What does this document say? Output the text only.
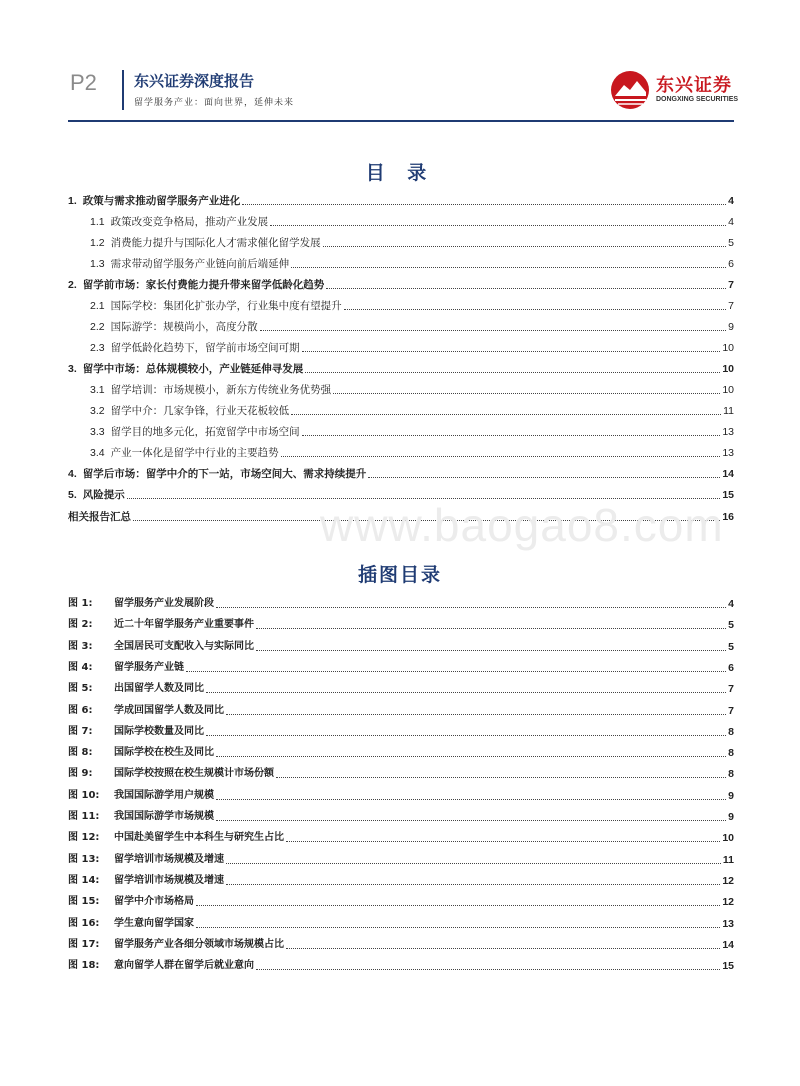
P2 东兴证券深度报告
留学服务产业：面向世界，延伸未来
东兴证券
DONGXING SECURITIES
目 录
1. 政策与需求推动留学服务产业进化	4
1.1 政策改变竞争格局，推动产业发展	4
1.2 消费能力提升与国际化人才需求催化留学发展	5
1.3 需求带动留学服务产业链向前后端延伸	6
2. 留学前市场：家长付费能力提升带来留学低龄化趋势	7
2.1 国际学校：集团化扩张办学，行业集中度有望提升	7
2.2 国际游学：规模尚小，高度分散	9
2.3 留学低龄化趋势下，留学前市场空间可期	10
3. 留学中市场：总体规模较小，产业链延伸寻发展	10
3.1 留学培训：市场规模小，新东方传统业务优势强	10
3.2 留学中介：几家争锋，行业天花板较低	11
3.3 留学目的地多元化，拓宽留学中市场空间	13
3.4 产业一体化是留学中行业的主要趋势	13
4. 留学后市场：留学中介的下一站，市场空间大、需求持续提升	14
5. 风险提示	15
相关报告汇总	16
www.baogao8.com
插图目录
图 1: 留学服务产业发展阶段	4
图 2: 近二十年留学服务产业重要事件	5
图 3: 全国居民可支配收入与实际同比	5
图 4: 留学服务产业链	6
图 5: 出国留学人数及同比	7
图 6: 学成回国留学人数及同比	7
图 7: 国际学校数量及同比	8
图 8: 国际学校在校生及同比	8
图 9: 国际学校按照在校生规模计市场份额	8
图 10: 我国国际游学用户规模	9
图 11: 我国国际游学市场规模	9
图 12: 中国赴美留学生中本科生与研究生占比	10
图 13: 留学培训市场规模及增速	11
图 14: 留学培训市场规模及增速	12
图 15: 留学中介市场格局	12
图 16: 学生意向留学国家	13
图 17: 留学服务产业各细分领域市场规模占比	14
图 18: 意向留学人群在留学后就业意向	15
